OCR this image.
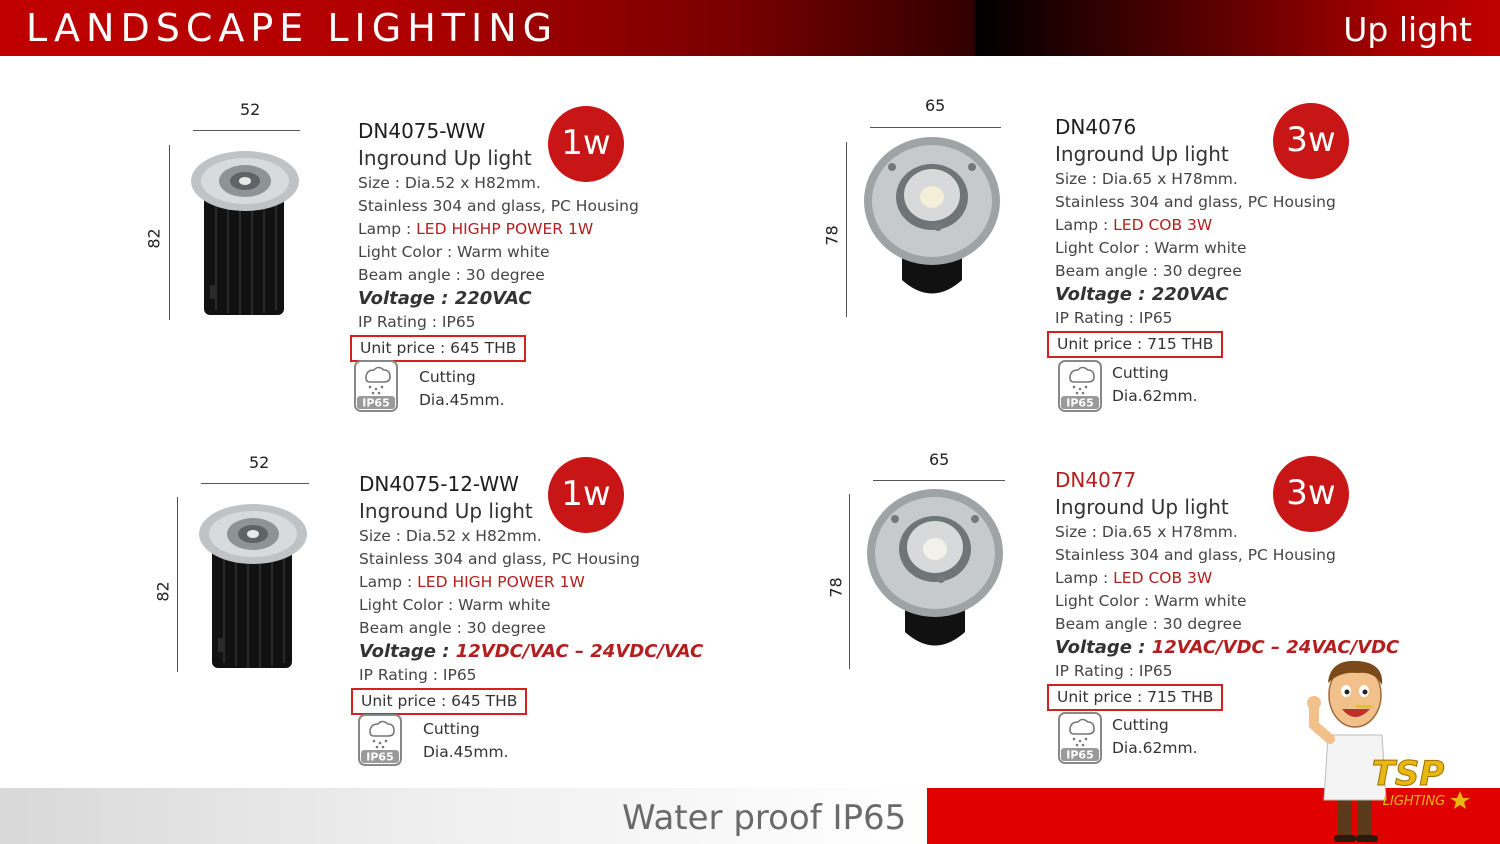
LANDSCAPE LIGHTING	Up light
52
82
DN4075-WW
Inground Up light
Size : Dia.52 x H82mm.
Stainless 304 and glass, PC Housing
Lamp : LED HIGHP POWER 1W
Light Color : Warm white
Beam angle : 30 degree
Voltage : 220VAC
IP Rating : IP65
Unit price : 645 THB
1w
IP65
Cutting
Dia.45mm.
65
78
DN4076
Inground Up light
Size : Dia.65 x H78mm.
Stainless 304 and glass, PC Housing
Lamp : LED COB 3W
Light Color : Warm white
Beam angle : 30 degree
Voltage : 220VAC
IP Rating : IP65
Unit price : 715 THB
3w
IP65
Cutting
Dia.62mm.
52
82
DN4075-12-WW
Inground Up light
Size : Dia.52 x H82mm.
Stainless 304 and glass, PC Housing
Lamp : LED HIGH POWER 1W
Light Color : Warm white
Beam angle : 30 degree
Voltage : 12VDC/VAC – 24VDC/VAC
IP Rating : IP65
Unit price : 645 THB
1w
IP65
Cutting
Dia.45mm.
65
78
DN4077
Inground Up light
Size : Dia.65 x H78mm.
Stainless 304 and glass, PC Housing
Lamp : LED COB 3W
Light Color : Warm white
Beam angle : 30 degree
Voltage : 12VAC/VDC – 24VAC/VDC
IP Rating : IP65
Unit price : 715 THB
3w
IP65
Cutting
Dia.62mm.
Water proof IP65
TSP
LIGHTING
